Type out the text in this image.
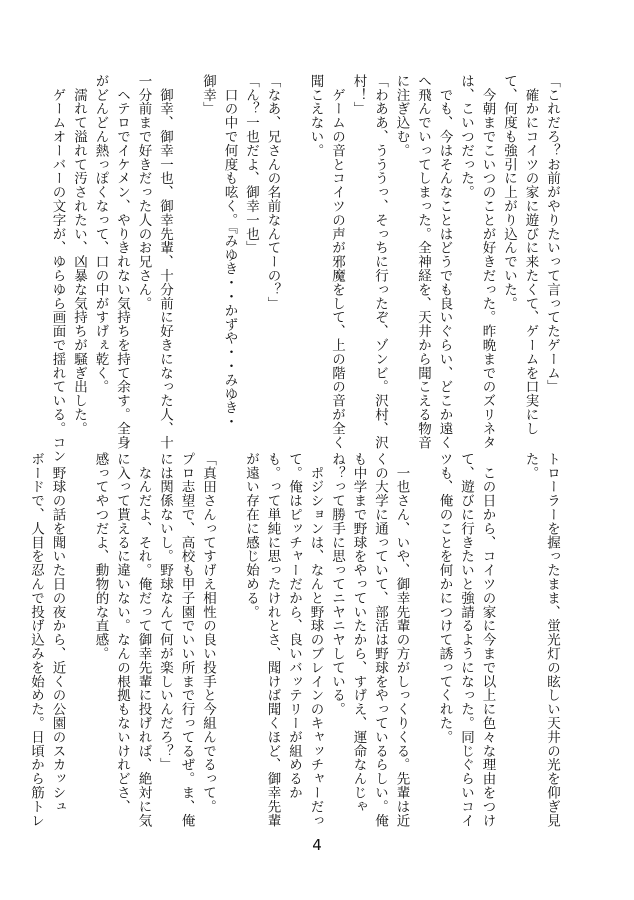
「これだろ？お前がやりたいって言ってたゲーム」
　確かにコイツの家に遊びに来たくて、ゲームを口実にし
て、何度も強引に上がり込んでいた。
　今朝までこいつのことが好きだった。昨晩までのズリネタ
は、こいつだった。
　でも、今はそんなことはどうでも良いぐらい、どこか遠く
へ飛んでいってしまった。全神経を、天井から聞こえる物音
に注ぎ込む。
「わああ、うううっ、そっちに行ったぞ、ゾンビ。沢村、沢
村！」
　ゲームの音とコイツの声が邪魔をして、上の階の音が全く
聞こえない。

「なあ、兄さんの名前なんてーの？」
「ん？一也だよ、御幸一也」
　口の中で何度も呟く。『みゆき・・かずや・・みゆき・
御幸」

　御幸、御幸一也、御幸先輩、十分前に好きになった人、十
一分前まで好きだった人のお兄さん。
　ヘテロでイケメン、やりきれない気持ちを持て余す。全身
がどんどん熱っぽくなって、口の中がすげぇ乾く。
　濡れて溢れて汚されたい、凶暴な気持ちが騒ぎ出した。
　ゲームオーバーの文字が、ゆらゆら画面で揺れている。コン
トローラーを握ったまま、蛍光灯の眩しい天井の光を仰ぎ見
た。

　この日から、コイツの家に今まで以上に色々な理由をつけ
て、遊びに行きたいと強請るようになった。同じぐらいコイ
ツも、俺のことを何かにつけて誘ってくれた。

　一也さん、いや、御幸先輩の方がしっくりくる。先輩は近
くの大学に通っていて、部活は野球をやっているらしい。俺
も中学まで野球をやっていたから、すげえ、運命なんじゃ
ね？って勝手に思ってニヤニヤしている。
　ポジションは、なんと野球のブレインのキャッチャーだっ
て。俺はピッチャーだから、良いバッテリーが組めるか
も。って単純に思ったけれとさ、聞けば聞くほど、御幸先輩
が遠い存在に感じ始める。

「真田さんってすげえ相性の良い投手と今組んでるって。
プロ志望で、高校も甲子園でいい所まで行ってるぜ。ま、俺
には関係ないし。野球なんて何が楽しいんだろ？」
　なんだよ、それ。俺だって御幸先輩に投げれば、絶対に気
に入って貰えるに違いない。なんの根拠もないけれどさ、
感ってやつだよ、動物的な直感。

　野球の話を聞いた日の夜から、近くの公園のスカッシュ
ボードで、人目を忍んで投げ込みを始めた。日頃から筋トレ
4
